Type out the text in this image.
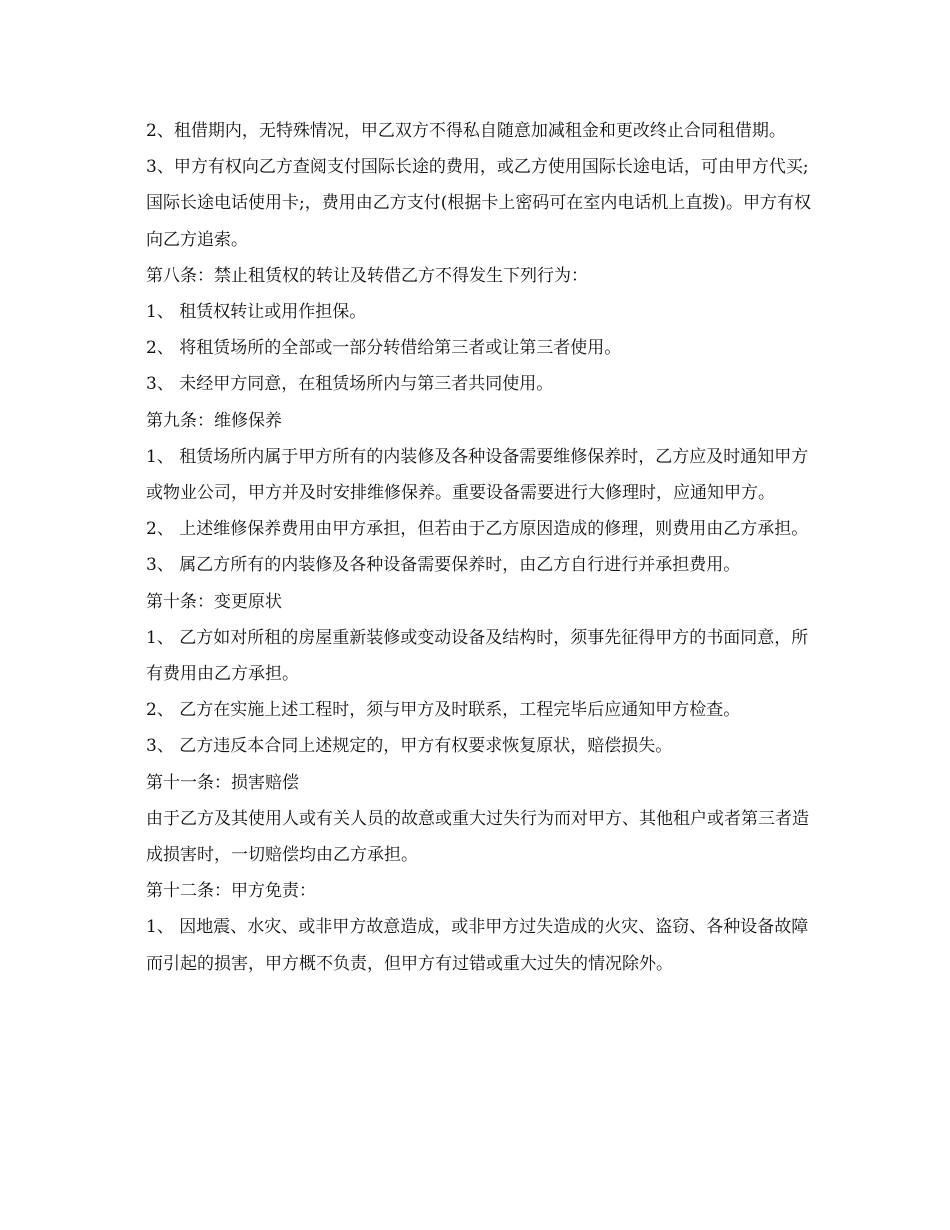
2、租借期内，无特殊情况，甲乙双方不得私自随意加减租金和更改终止合同租借期。

3、甲方有权向乙方查阅支付国际长途的费用，或乙方使用国际长途电话，可由甲方代买;国际长途电话使用卡;，费用由乙方支付(根据卡上密码可在室内电话机上直拨)。甲方有权向乙方追索。

第八条：禁止租赁权的转让及转借乙方不得发生下列行为：

1、 租赁权转让或用作担保。

2、 将租赁场所的全部或一部分转借给第三者或让第三者使用。

3、 未经甲方同意，在租赁场所内与第三者共同使用。

第九条：维修保养

1、 租赁场所内属于甲方所有的内装修及各种设备需要维修保养时，乙方应及时通知甲方或物业公司，甲方并及时安排维修保养。重要设备需要进行大修理时，应通知甲方。

2、 上述维修保养费用由甲方承担，但若由于乙方原因造成的修理，则费用由乙方承担。

3、 属乙方所有的内装修及各种设备需要保养时，由乙方自行进行并承担费用。

第十条：变更原状

1、 乙方如对所租的房屋重新装修或变动设备及结构时，须事先征得甲方的书面同意，所有费用由乙方承担。

2、 乙方在实施上述工程时，须与甲方及时联系，工程完毕后应通知甲方检查。

3、 乙方违反本合同上述规定的，甲方有权要求恢复原状，赔偿损失。

第十一条：损害赔偿

由于乙方及其使用人或有关人员的故意或重大过失行为而对甲方、其他租户或者第三者造成损害时，一切赔偿均由乙方承担。

第十二条：甲方免责：

1、 因地震、水灾、或非甲方故意造成，或非甲方过失造成的火灾、盗窃、各种设备故障而引起的损害，甲方概不负责，但甲方有过错或重大过失的情况除外。
